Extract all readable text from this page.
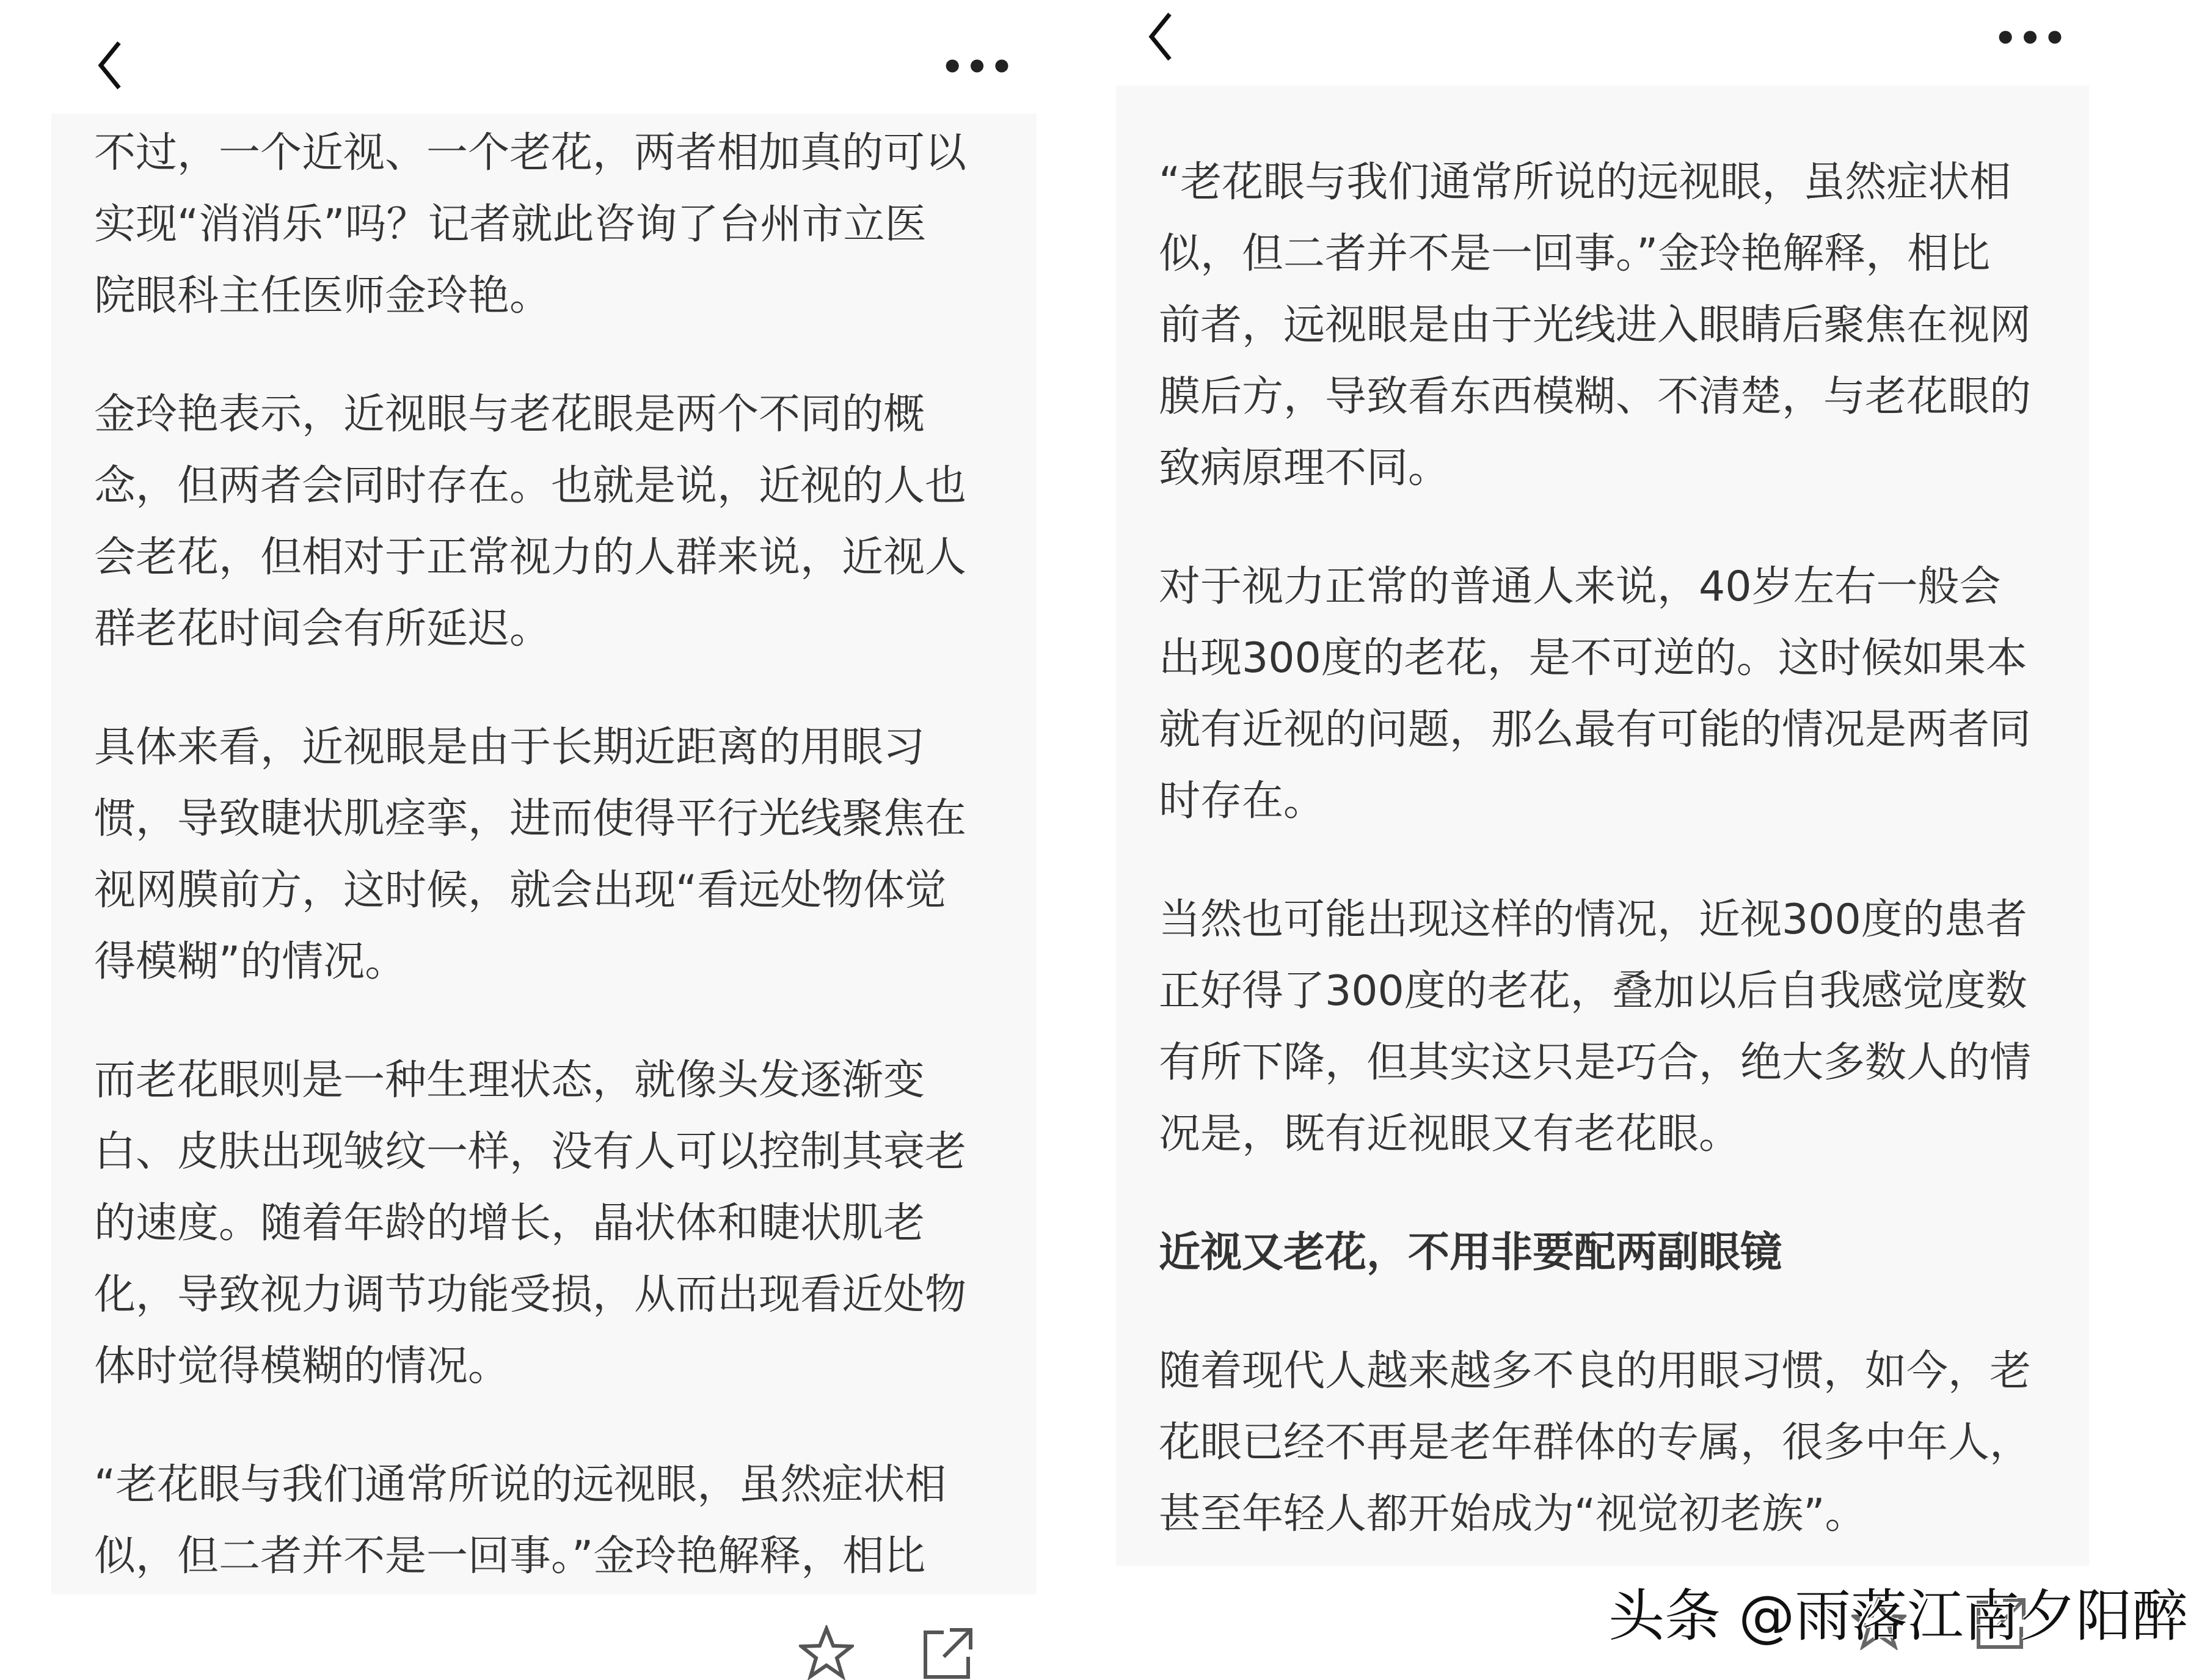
•••
不过，一个近视、一个老花，两者相加真的可以
实现“消消乐”吗？记者就此咨询了台州市立医
院眼科主任医师金玲艳。
金玲艳表示，近视眼与老花眼是两个不同的概
念，但两者会同时存在。也就是说，近视的人也
会老花，但相对于正常视力的人群来说，近视人
群老花时间会有所延迟。
具体来看，近视眼是由于长期近距离的用眼习
惯，导致睫状肌痉挛，进而使得平行光线聚焦在
视网膜前方，这时候，就会出现“看远处物体觉
得模糊”的情况。
而老花眼则是一种生理状态，就像头发逐渐变
白、皮肤出现皱纹一样，没有人可以控制其衰老
的速度。随着年龄的增长，晶状体和睫状肌老
化，导致视力调节功能受损，从而出现看近处物
体时觉得模糊的情况。
“老花眼与我们通常所说的远视眼，虽然症状相
似，但二者并不是一回事。”金玲艳解释，相比
•••
“老花眼与我们通常所说的远视眼，虽然症状相
似，但二者并不是一回事。”金玲艳解释，相比
前者，远视眼是由于光线进入眼睛后聚焦在视网
膜后方，导致看东西模糊、不清楚，与老花眼的
致病原理不同。
对于视力正常的普通人来说，40岁左右一般会
出现300度的老花，是不可逆的。这时候如果本
就有近视的问题，那么最有可能的情况是两者同
时存在。
当然也可能出现这样的情况，近视300度的患者
正好得了300度的老花，叠加以后自我感觉度数
有所下降，但其实这只是巧合，绝大多数人的情
况是，既有近视眼又有老花眼。
近视又老花，不用非要配两副眼镜
随着现代人越来越多不良的用眼习惯，如今，老
花眼已经不再是老年群体的专属，很多中年人，
甚至年轻人都开始成为“视觉初老族”。
头条 @雨落江南夕阳醉
